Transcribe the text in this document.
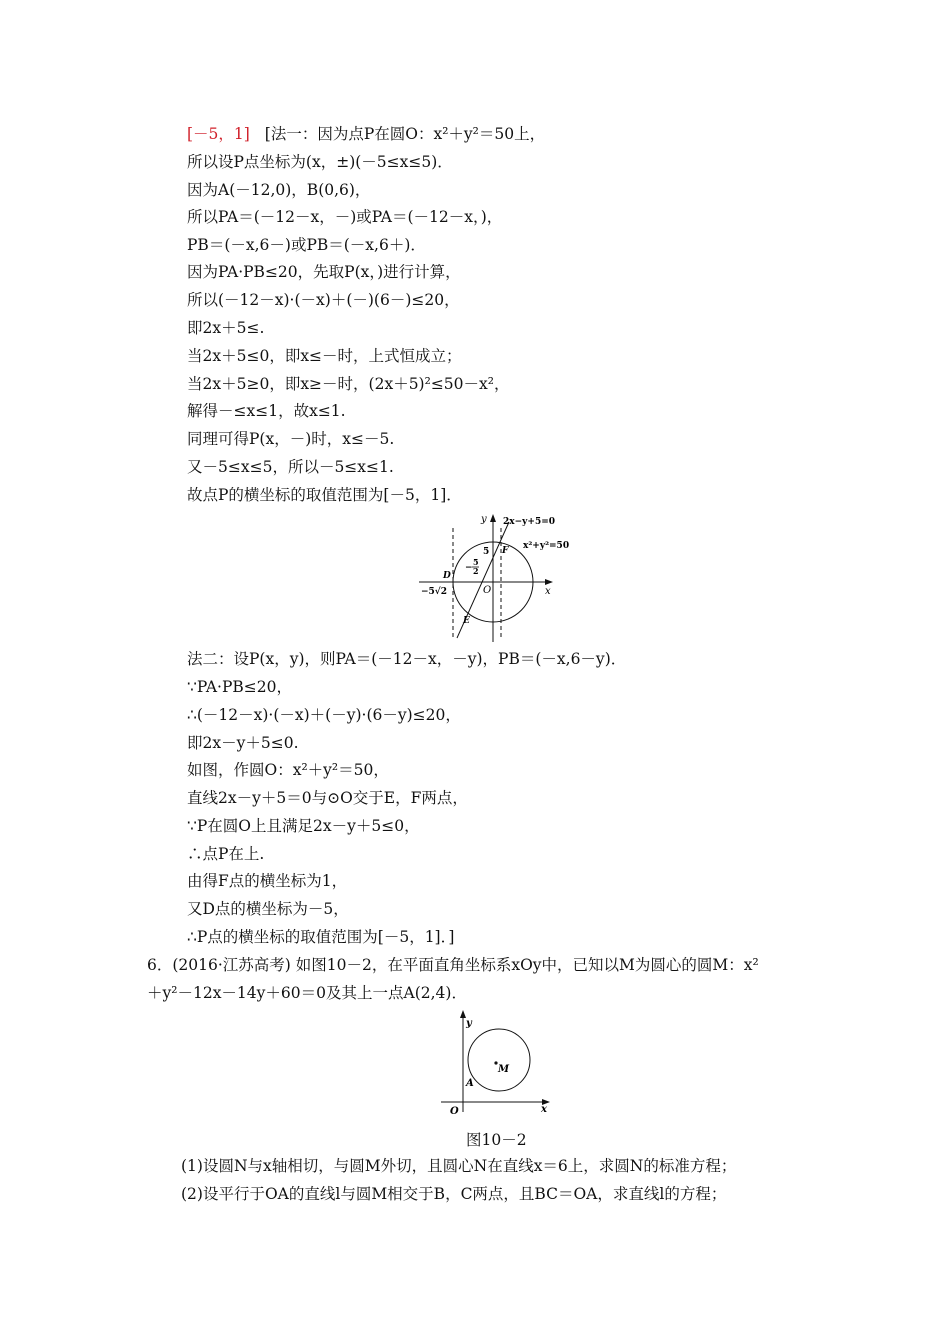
[－5，1] [法一：因为点P在圆O：x²＋y²＝50上，
所以设P点坐标为(x，±)(－5≤x≤5)．
因为A(－12,0)，B(0,6)，
所以PA＝(－12－x，－)或PA＝(－12－x，)，
PB＝(－x,6－)或PB＝(－x,6＋)．
因为PA·PB≤20，先取P(x，)进行计算，
所以(－12－x)·(－x)＋(－)(6－)≤20，
即2x＋5≤.
当2x＋5≤0，即x≤－时，上式恒成立；
当2x＋5≥0，即x≥－时，(2x＋5)²≤50－x²，
解得－≤x≤1，故x≤1.
同理可得P(x，－)时，x≤－5.
又－5≤x≤5，所以－5≤x≤1.
故点P的横坐标的取值范围为[－5，1]．
y
x
O
2x−y+5=0
x²+y²=50
5 F
−
5
2
D
−5√2
E
法二：设P(x，y)，则PA＝(－12－x，－y)，PB＝(－x,6－y)．
∵PA·PB≤20，
∴(－12－x)·(－x)＋(－y)·(6－y)≤20，
即2x－y＋5≤0.
如图，作圆O：x²＋y²＝50，
直线2x－y＋5＝0与⊙O交于E，F两点，
∵P在圆O上且满足2x－y＋5≤0，
∴点P在上.
由得F点的横坐标为1，
又D点的横坐标为－5，
∴P点的横坐标的取值范围为[－5，1]．]
6．(2016·江苏高考) 如图10－2，在平面直角坐标系xOy中，已知以M为圆心的圆M：x²
＋y²－12x－14y＋60＝0及其上一点A(2,4)．
y
x
O
M
A
图10－2
(1)设圆N与x轴相切，与圆M外切，且圆心N在直线x＝6上，求圆N的标准方程；
(2)设平行于OA的直线l与圆M相交于B，C两点，且BC＝OA，求直线l的方程；
